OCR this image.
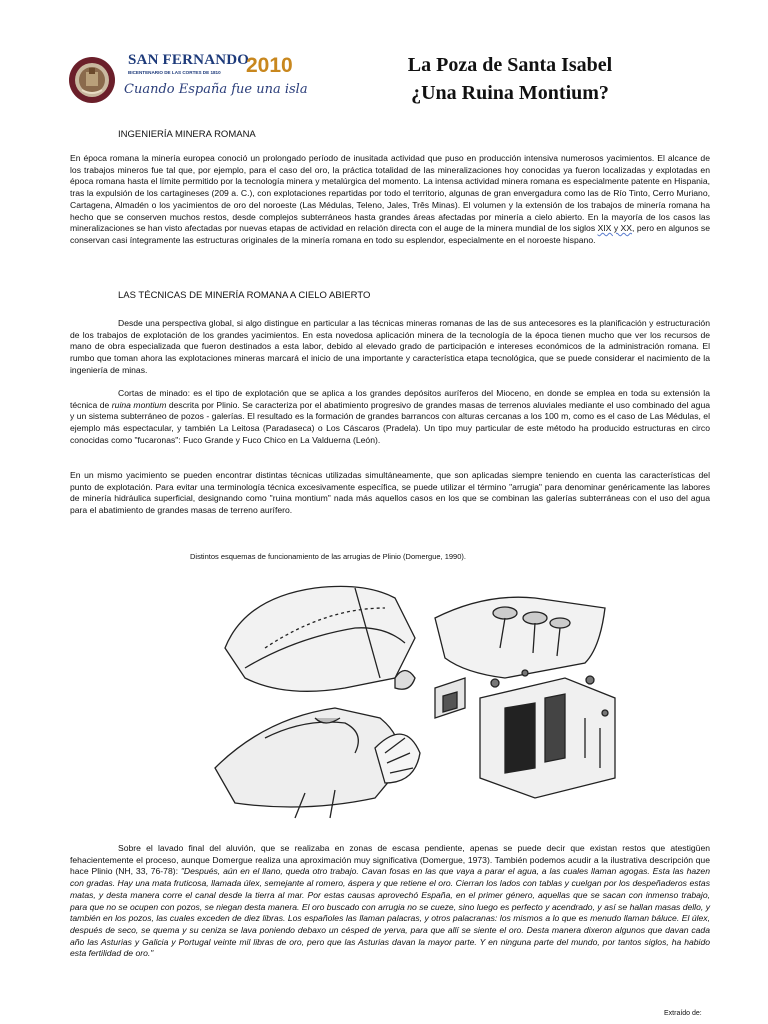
SAN FERNANDO
BICENTENARIO DE LAS CORTES DE 1810 2010
Cuando España fue una isla
La Poza de Santa Isabel
¿Una Ruina Montium?
INGENIERÍA MINERA ROMANA

En época romana la minería europea conoció un prolongado período de inusitada actividad que puso en producción intensiva numerosos yacimientos. El alcance de los trabajos mineros fue tal que, por ejemplo, para el caso del oro, la práctica totalidad de las mineralizaciones hoy conocidas ya fueron localizadas y explotadas en época romana hasta el límite permitido por la tecnología minera y metalúrgica del momento. La intensa actividad minera romana es especialmente patente en Hispania, tras la expulsión de los cartagineses (209 a. C.), con explotaciones repartidas por todo el territorio, algunas de gran envergadura como las de Río Tinto, Cerro Muriano, Cartagena, Almadén o los yacimientos de oro del noroeste (Las Médulas, Teleno, Jales, Três Minas). El volumen y la extensión de los trabajos de minería romana ha hecho que se conserven muchos restos, desde complejos subterráneos hasta grandes áreas afectadas por minería a cielo abierto. En la mayoría de los casos las mineralizaciones se han visto afectadas por nuevas etapas de actividad en relación directa con el auge de la minera mundial de los siglos XIX y XX, pero en algunos se conservan casi íntegramente las estructuras originales de la minería romana en todo su esplendor, especialmente en el noroeste hispano.

LAS TÉCNICAS DE MINERÍA ROMANA A CIELO ABIERTO

Desde una perspectiva global, si algo distingue en particular a las técnicas mineras romanas de las de sus antecesores es la planificación y estructuración de los trabajos de explotación de los grandes yacimientos. En esta novedosa aplicación minera de la tecnología de la época tienen mucho que ver los recursos de mano de obra especializada que fueron destinados a esta labor, debido al elevado grado de participación e intereses económicos de la administración romana. El rumbo que toman ahora las explotaciones mineras marcará el inicio de una importante y característica etapa tecnológica, que se puede considerar el nacimiento de la ingeniería de minas.

Cortas de minado: es el tipo de explotación que se aplica a los grandes depósitos auríferos del Mioceno, en donde se emplea en toda su extensión la técnica de ruina montium descrita por Plinio. Se caracteriza por el abatimiento progresivo de grandes masas de terrenos aluviales mediante el uso combinado del agua y un sistema subterráneo de pozos - galerías. El resultado es la formación de grandes barrancos con alturas cercanas a los 100 m, como es el caso de Las Médulas, el ejemplo más espectacular, y también La Leitosa (Paradaseca) o Los Cáscaros (Pradela). Un tipo muy particular de este método ha producido estructuras en circo conocidas como "fucaronas": Fuco Grande y Fuco Chico en La Valduerna (León).

En un mismo yacimiento se pueden encontrar distintas técnicas utilizadas simultáneamente, que son aplicadas siempre teniendo en cuenta las características del punto de explotación. Para evitar una terminología técnica excesivamente específica, se puede utilizar el término "arrugia" para denominar genéricamente las labores de minería hidráulica superficial, designando como "ruina montium" nada más aquellos casos en los que se combinan las galerías subterráneas con el uso del agua para el abatimiento de grandes masas de terreno aurífero.

Distintos esquemas de funcionamiento de las arrugias de Plinio (Domergue, 1990).

Sobre el lavado final del aluvión, que se realizaba en zonas de escasa pendiente, apenas se puede decir que existan restos que atestigüen fehacientemente el proceso, aunque Domergue realiza una aproximación muy significativa (Domergue, 1973). También podemos acudir a la ilustrativa descripción que hace Plinio (NH, 33, 76-78): "Después, aún en el llano, queda otro trabajo. Cavan fosas en las que vaya a parar el agua, a las cuales llaman agogas. Esta las hazen con gradas. Hay una mata fruticosa, llamada úlex, semejante al romero, áspera y que retiene el oro. Cierran los lados con tablas y cuelgan por los despeñaderos estas matas, y desta manera corre el canal desde la tierra al mar. Por estas causas aprovechó España, en el primer género, aquellas que se sacan con inmenso trabajo, para que no se ocupen con pozos, se niegan desta manera. El oro buscado con arrugia no se cueze, sino luego es perfecto y acendrado, y así se hallan masas dello, y también en los pozos, las cuales exceden de diez libras. Los españoles las llaman palacras, y otros palacranas: los mismos a lo que es menudo llaman báluce. El úlex, después de seco, se quema y su ceniza se lava poniendo debaxo un césped de yerva, para que allí se siente el oro. Desta manera dixeron algunos que davan cada año las Asturias y Galicia y Portugal veinte mil libras de oro, pero que las Asturias davan la mayor parte. Y en ninguna parte del mundo, por tantos siglos, ha habido esta fertilidad de oro."

Extraído de:
